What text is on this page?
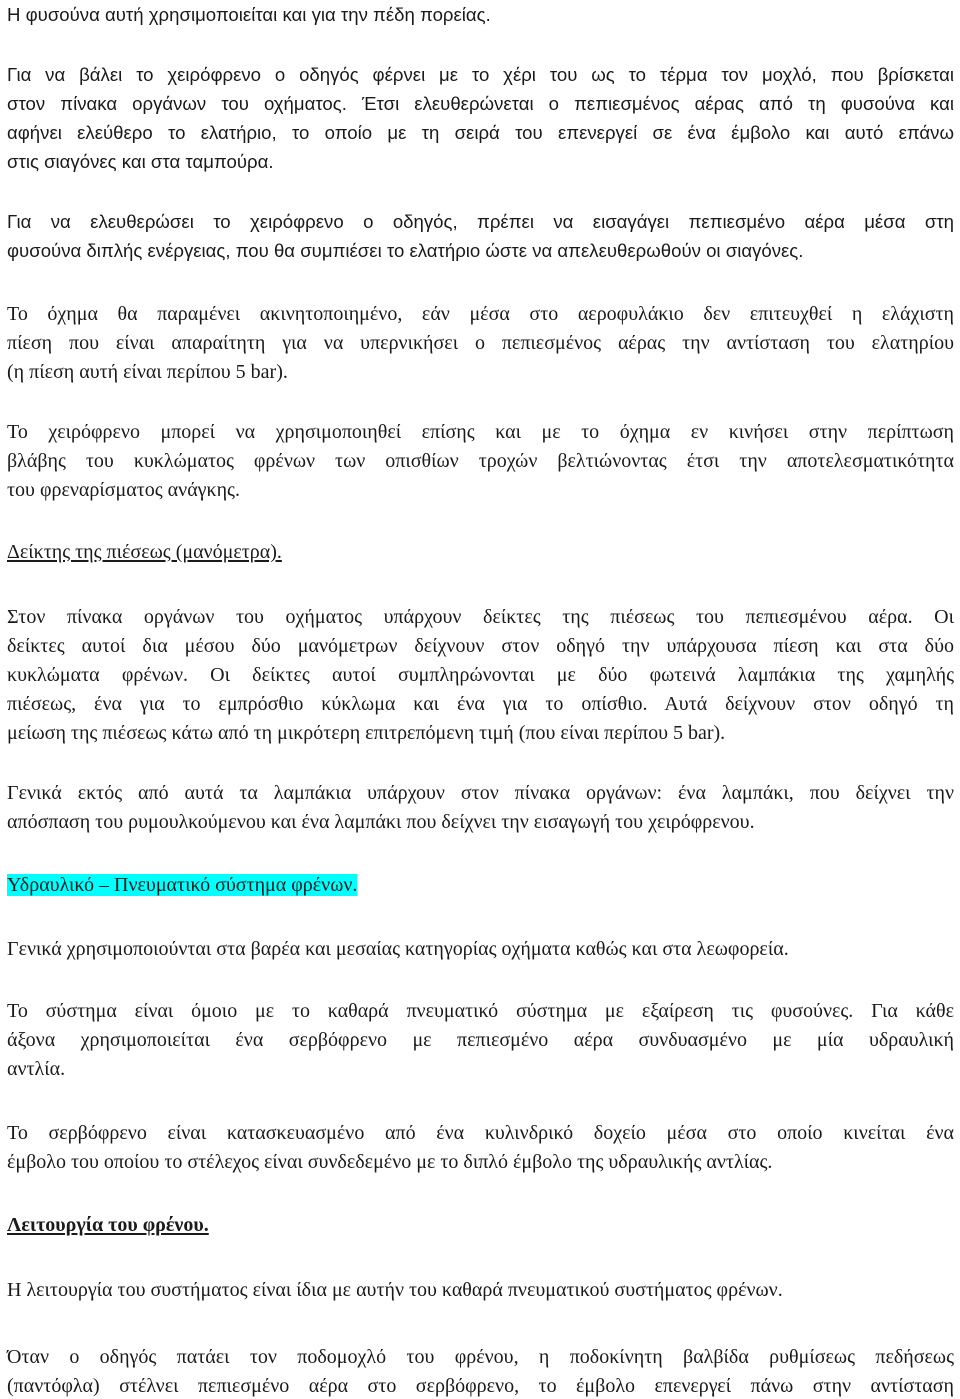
Η φυσούνα αυτή χρησιμοποιείται και για την πέδη πορείας.

Για να βάλει το χειρόφρενο ο οδηγός φέρνει με το χέρι του ως το τέρμα τον μοχλό, που βρίσκεται
στον πίνακα οργάνων του οχήματος. Έτσι ελευθερώνεται ο πεπιεσμένος αέρας από τη φυσούνα και
αφήνει ελεύθερο το ελατήριο, το οποίο με τη σειρά του επενεργεί σε ένα έμβολο και αυτό επάνω
στις σιαγόνες και στα ταμπούρα.

Για να ελευθερώσει το χειρόφρενο ο οδηγός, πρέπει να εισαγάγει πεπιεσμένο αέρα μέσα στη
φυσούνα διπλής ενέργειας, που θα συμπιέσει το ελατήριο ώστε να απελευθερωθούν οι σιαγόνες.

Το όχημα θα παραμένει ακινητοποιημένο, εάν μέσα στο αεροφυλάκιο δεν επιτευχθεί η ελάχιστη
πίεση που είναι απαραίτητη για να υπερνικήσει ο πεπιεσμένος αέρας την αντίσταση του ελατηρίου
(η πίεση αυτή είναι περίπου 5 bar).

Το χειρόφρενο μπορεί να χρησιμοποιηθεί επίσης και με το όχημα εν κινήσει στην περίπτωση
βλάβης του κυκλώματος φρένων των οπισθίων τροχών βελτιώνοντας έτσι την αποτελεσματικότητα
του φρεναρίσματος ανάγκης.

Δείκτης της πιέσεως (μανόμετρα).

Στον πίνακα οργάνων του οχήματος υπάρχουν δείκτες της πιέσεως του πεπιεσμένου αέρα. Οι
δείκτες αυτοί δια μέσου δύο μανόμετρων δείχνουν στον οδηγό την υπάρχουσα πίεση και στα δύο
κυκλώματα φρένων. Οι δείκτες αυτοί συμπληρώνονται με δύο φωτεινά λαμπάκια της χαμηλής
πιέσεως, ένα για το εμπρόσθιο κύκλωμα και ένα για το οπίσθιο. Αυτά δείχνουν στον οδηγό τη
μείωση της πιέσεως κάτω από τη μικρότερη επιτρεπόμενη τιμή (που είναι περίπου 5 bar).

Γενικά εκτός από αυτά τα λαμπάκια υπάρχουν στον πίνακα οργάνων: ένα λαμπάκι, που δείχνει την
απόσπαση του ρυμουλκούμενου και ένα λαμπάκι που δείχνει την εισαγωγή του χειρόφρενου.

Υδραυλικό – Πνευματικό σύστημα φρένων.

Γενικά χρησιμοποιούνται στα βαρέα και μεσαίας κατηγορίας οχήματα καθώς και στα λεωφορεία.

Το σύστημα είναι όμοιο με το καθαρά πνευματικό σύστημα με εξαίρεση τις φυσούνες. Για κάθε
άξονα χρησιμοποιείται ένα σερβόφρενο με πεπιεσμένο αέρα συνδυασμένο με μία υδραυλική
αντλία.

Το σερβόφρενο είναι κατασκευασμένο από ένα κυλινδρικό δοχείο μέσα στο οποίο κινείται ένα
έμβολο του οποίου το στέλεχος είναι συνδεδεμένο με το διπλό έμβολο της υδραυλικής αντλίας.

Λειτουργία του φρένου.

Η λειτουργία του συστήματος είναι ίδια με αυτήν του καθαρά πνευματικού συστήματος φρένων.

Όταν ο οδηγός πατάει τον ποδομοχλό του φρένου, η ποδοκίνητη βαλβίδα ρυθμίσεως πεδήσεως
(παντόφλα) στέλνει πεπιεσμένο αέρα στο σερβόφρενο, το έμβολο επενεργεί πάνω στην αντίσταση
